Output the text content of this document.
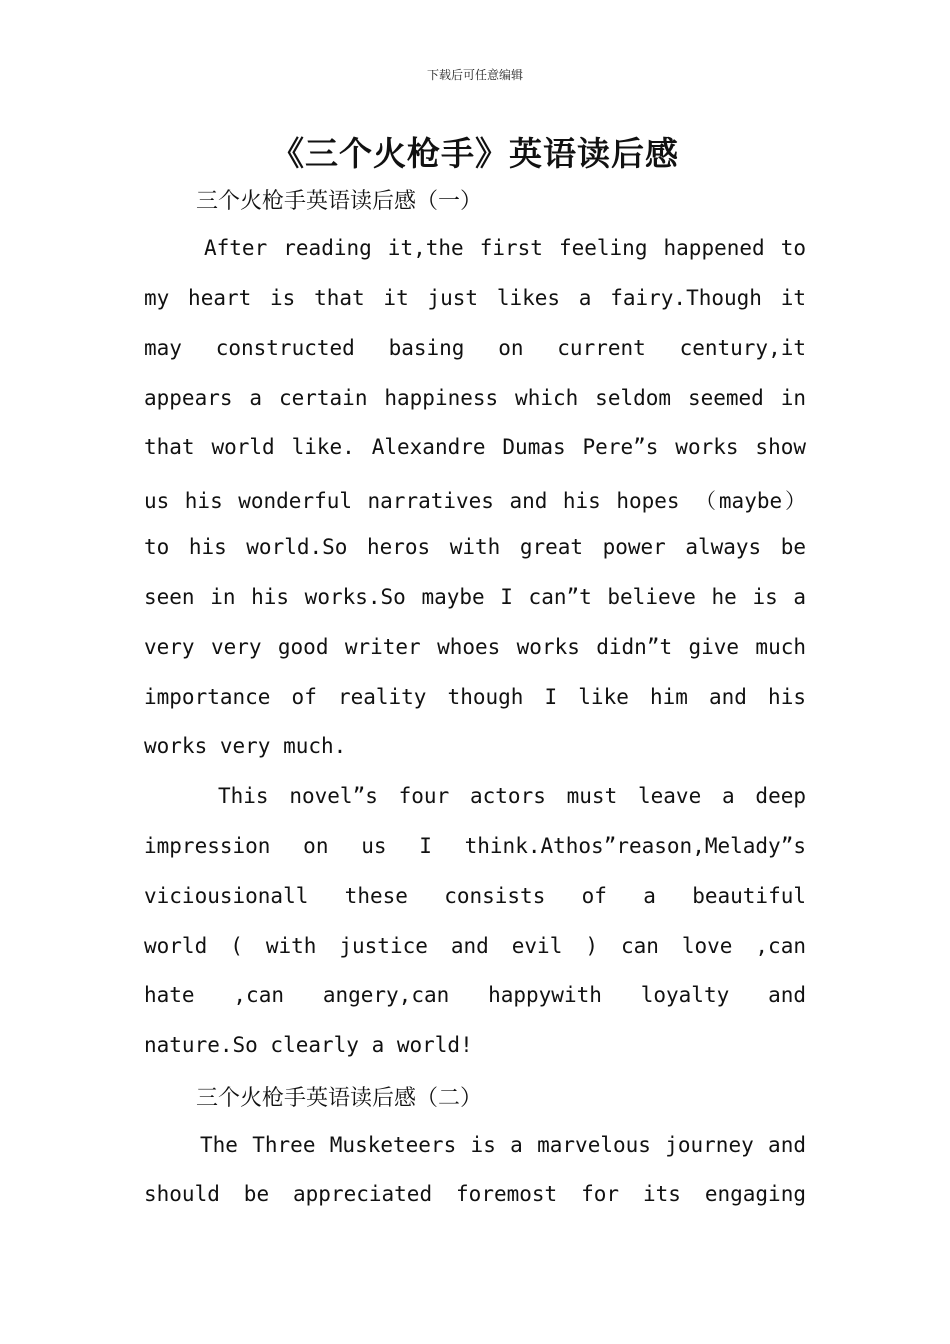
下载后可任意编辑
《三个火枪手》英语读后感
三个火枪手英语读后感（一）

After reading it,the first feeling happened to

my heart is that it just likes a fairy.Though it

may constructed basing on current century,it

appears a certain happiness which seldom seemed in

that world like. Alexandre Dumas Pere”s works show

us his wonderful narratives and his hopes （maybe）

to his world.So heros with great power always be

seen in his works.So maybe I can”t believe he is a

very very good writer whoes works didn”t give much

importance of reality though I like him and his

works very much.

This novel”s four actors must leave a deep

impression on us I think.Athos”reason,Melady”s

viciousionall these consists of a beautiful

world ( with justice and evil ) can love ,can

hate ,can angery,can happywith loyalty and

nature.So clearly a world!

三个火枪手英语读后感（二）

The Three Musketeers is a marvelous journey and

should be appreciated foremost for its engaging
